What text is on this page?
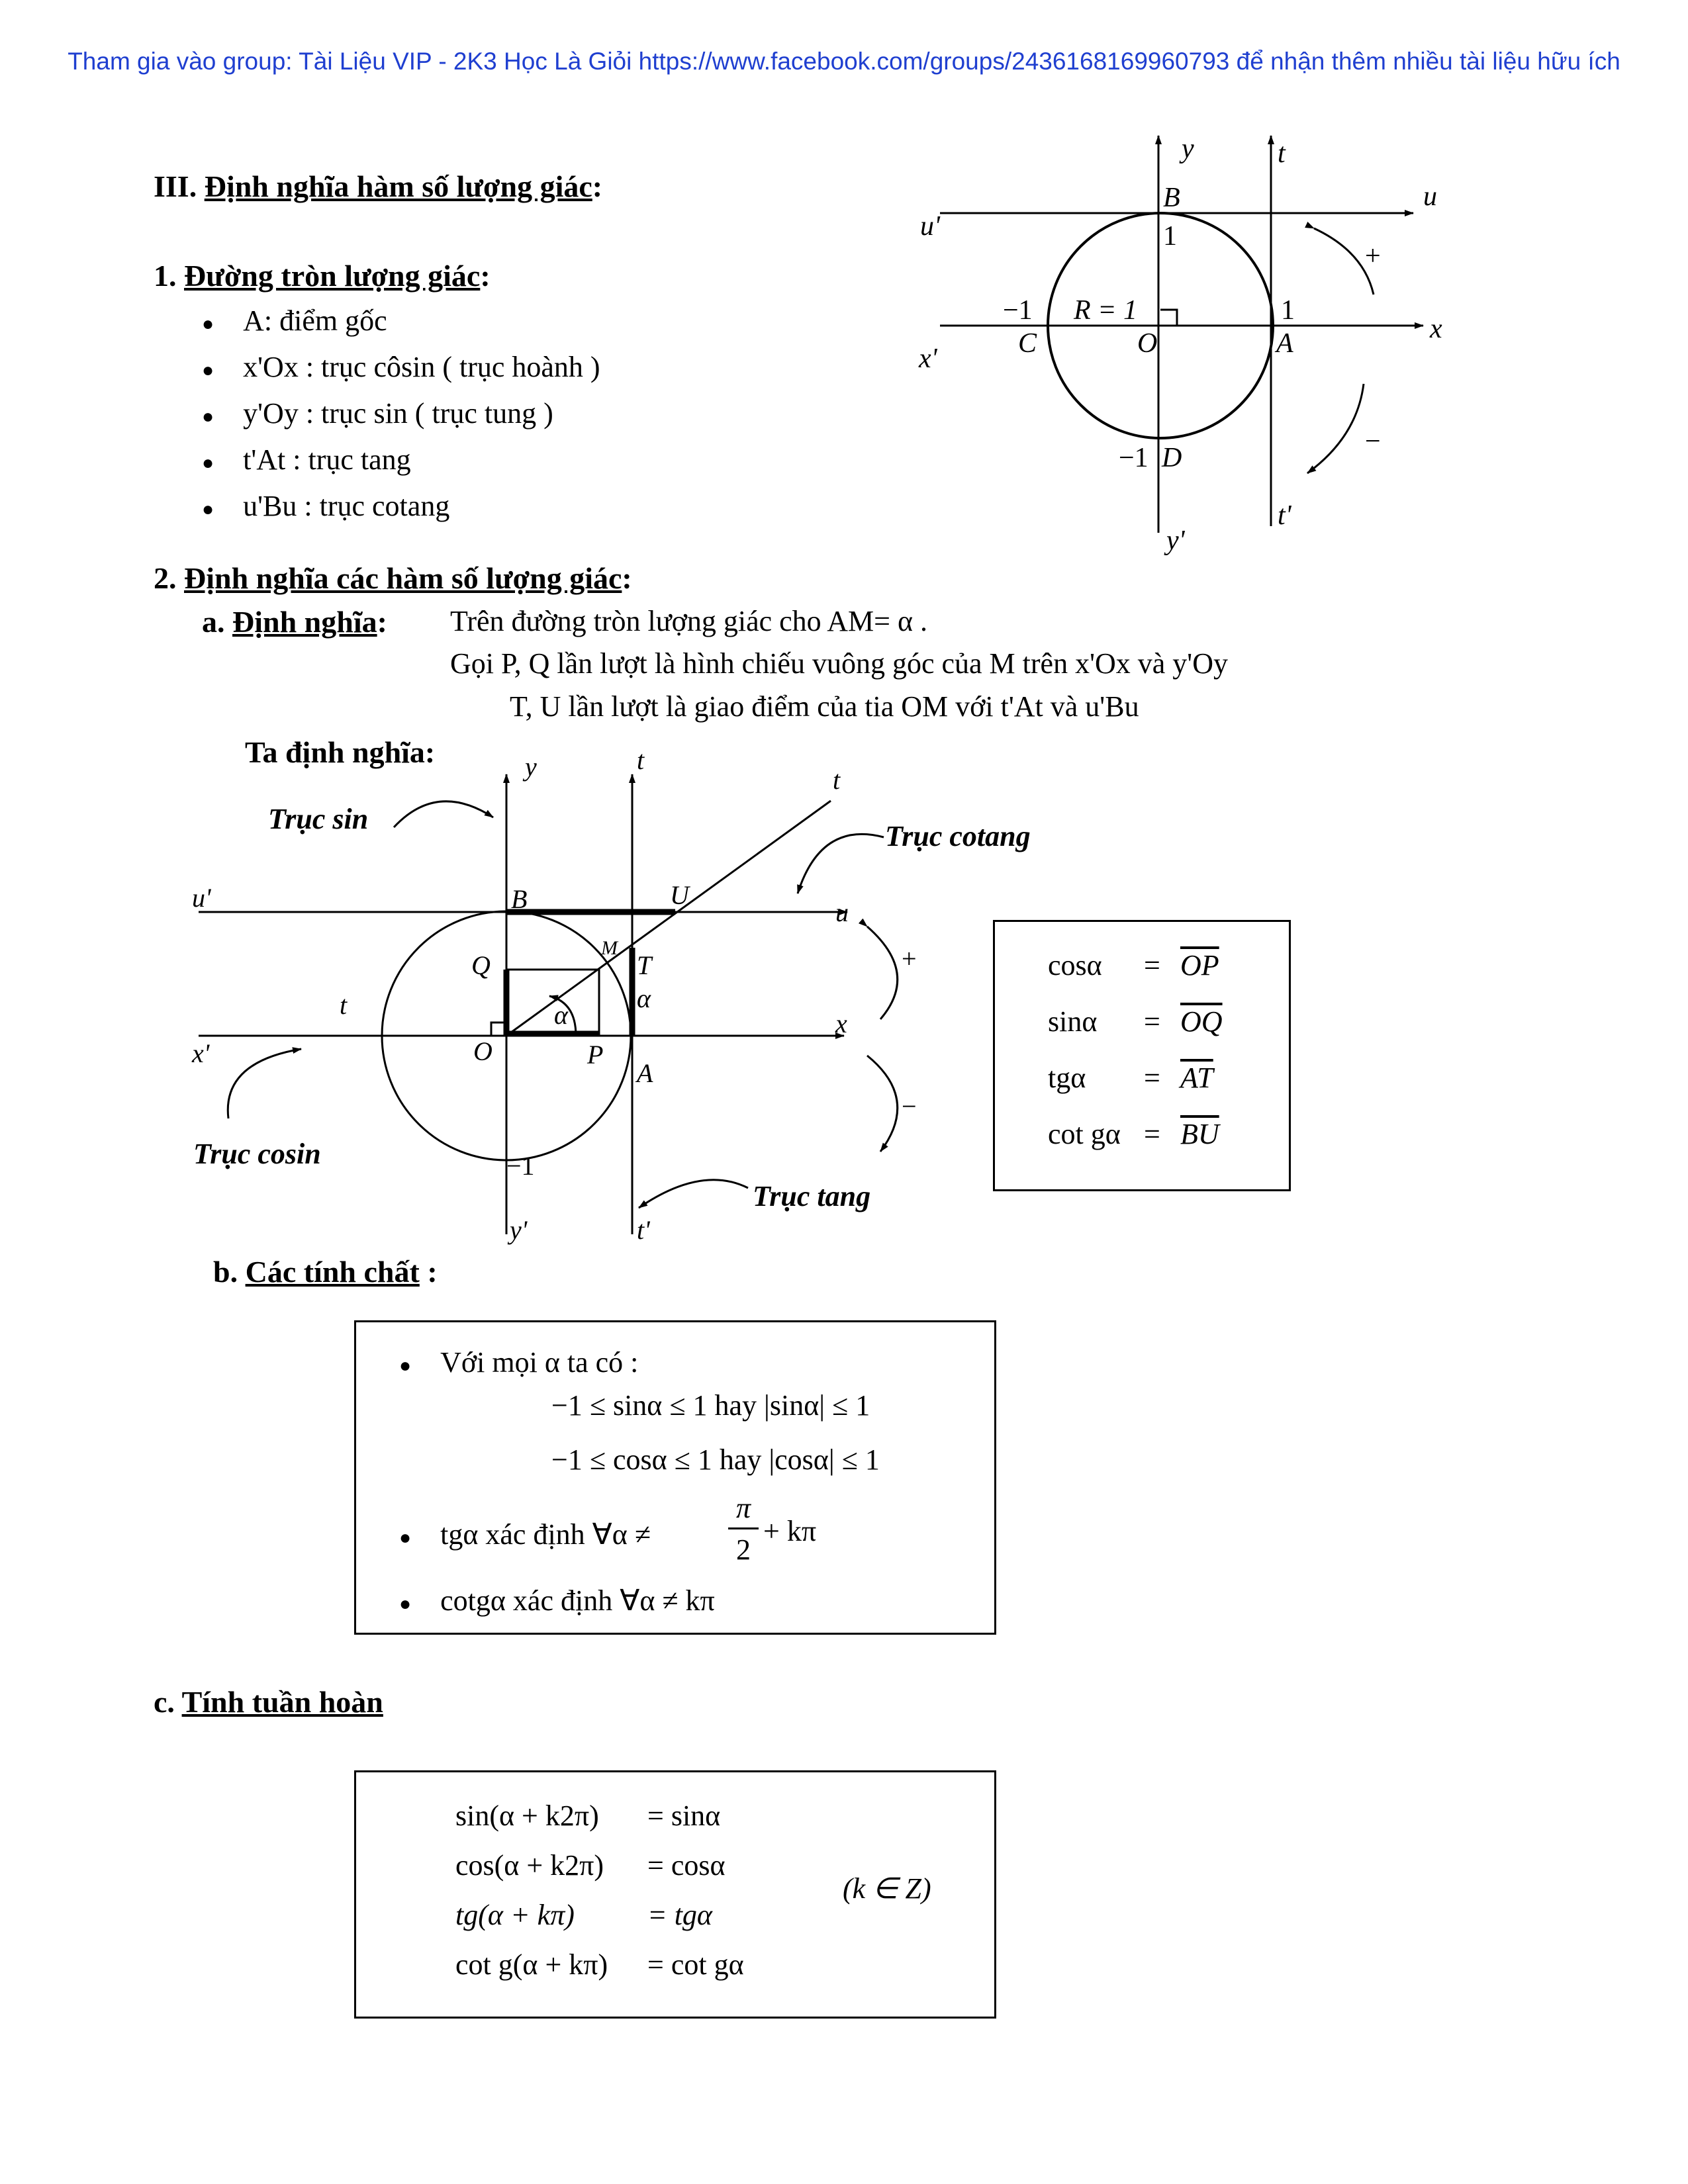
Tham gia vào group: Tài Liệu VIP - 2K3 Học Là Giỏi https://www.facebook.com/groups/2436168169960793 để nhận thêm nhiều tài liệu hữu ích
III. Định nghĩa hàm số lượng giác:
1. Đường tròn lượng giác:
● A: điểm gốc
● x'Ox : trục côsin ( trục hoành )
● y'Oy : trục sin ( trục tung )
● t'At : trục tang
● u'Bu : trục cotang
y	t
u
u'
B
1
1
−1 R = 1
C	O	A	x
x'
−1 D
t'
y'
+
−
2. Định nghĩa các hàm số lượng giác:
a. Định nghĩa: Trên đường tròn lượng giác cho AM= α .
Gọi P, Q lần lượt là hình chiếu vuông góc của M trên x'Ox và y'Oy
T, U lần lượt là giao điểm của tia OM với t'At và u'Bu
Ta định nghĩa:
Trục sin
Trục cotang
Trục cosin
Trục tang
y	t
t
u'	B	U
u
Q
M
T
α
α
t
x
x'	O	P
A
−1
y'	t'
+
−
$\cos\alpha = \overline{OP}$
$\sin\alpha = \overline{OQ}$
$tg\alpha = \overline{AT}$
$\cot g\alpha = \overline{BU}$
b. Các tính chất :
● Với mọi α ta có :
−1 ≤ sinα ≤ 1 hay |sinα| ≤ 1
−1 ≤ cosα ≤ 1 hay |cosα| ≤ 1
● tgα xác định ∀α ≠
π
2
+ kπ
● cotgα xác định ∀α ≠ kπ
c. Tính tuần hoàn
sin(α + k2π) = sinα
cos(α + k2π) = cosα
tg(α + kπ)	= tgα
cot g(α + kπ) = cot gα
(k ∈ Z)
